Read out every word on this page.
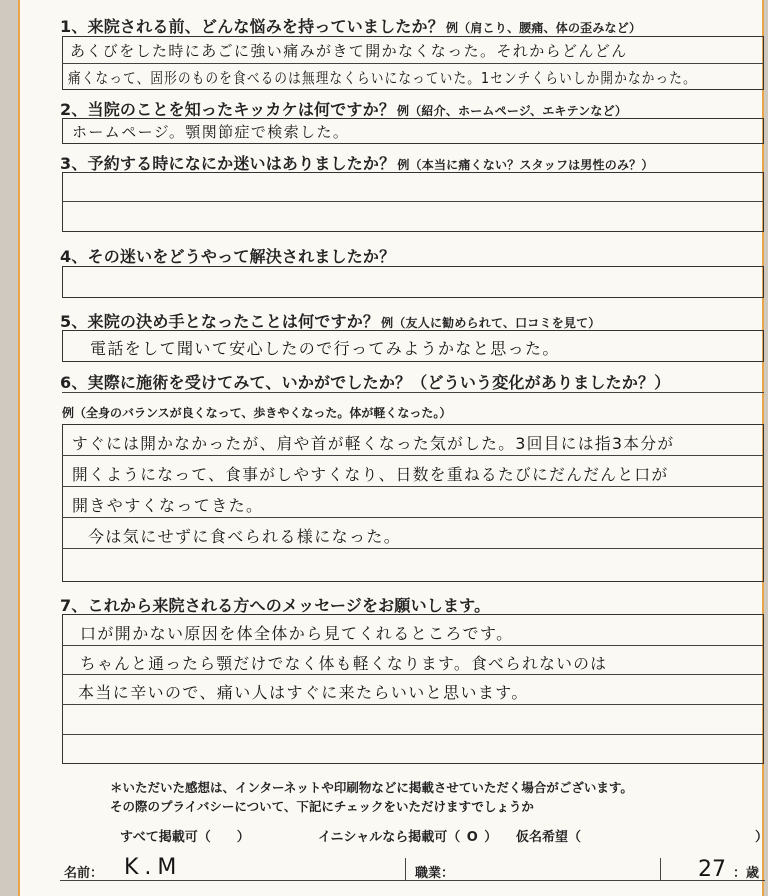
1、来院される前、どんな悩みを持っていましたか？ 例（肩こり、腰痛、体の歪みなど）
あくびをした時にあごに強い痛みがきて開かなくなった。それからどんどん
痛くなって、固形のものを食べるのは無理なくらいになっていた。1センチくらいしか開かなかった。
2、当院のことを知ったキッカケは何ですか？ 例（紹介、ホームページ、エキテンなど）
ホームページ。顎関節症で検索した。
3、予約する時になにか迷いはありましたか？ 例（本当に痛くない？スタッフは男性のみ？）
4、その迷いをどうやって解決されましたか？
5、来院の決め手となったことは何ですか？ 例（友人に勧められて、口コミを見て）
電話をして聞いて安心したので行ってみようかなと思った。
6、実際に施術を受けてみて、いかがでしたか？（どういう変化がありましたか？）
例（全身のバランスが良くなって、歩きやくなった。体が軽くなった。）
すぐには開かなかったが、肩や首が軽くなった気がした。3回目には指3本分が
開くようになって、食事がしやすくなり、日数を重ねるたびにだんだんと口が
開きやすくなってきた。
今は気にせずに食べられる様になった。
7、これから来院される方へのメッセージをお願いします。
口が開かない原因を体全体から見てくれるところです。
ちゃんと通ったら顎だけでなく体も軽くなります。食べられないのは
本当に辛いので、痛い人はすぐに来たらいいと思います。
＊いただいた感想は、インターネットや印刷物などに掲載させていただく場合がございます。
その際のプライバシーについて、下記にチェックをいただけますでしょうか
すべて掲載可（　　）	イニシャルなら掲載可（ O ） 仮名希望（	）
名前： K.M	職業：	27 ：歳
